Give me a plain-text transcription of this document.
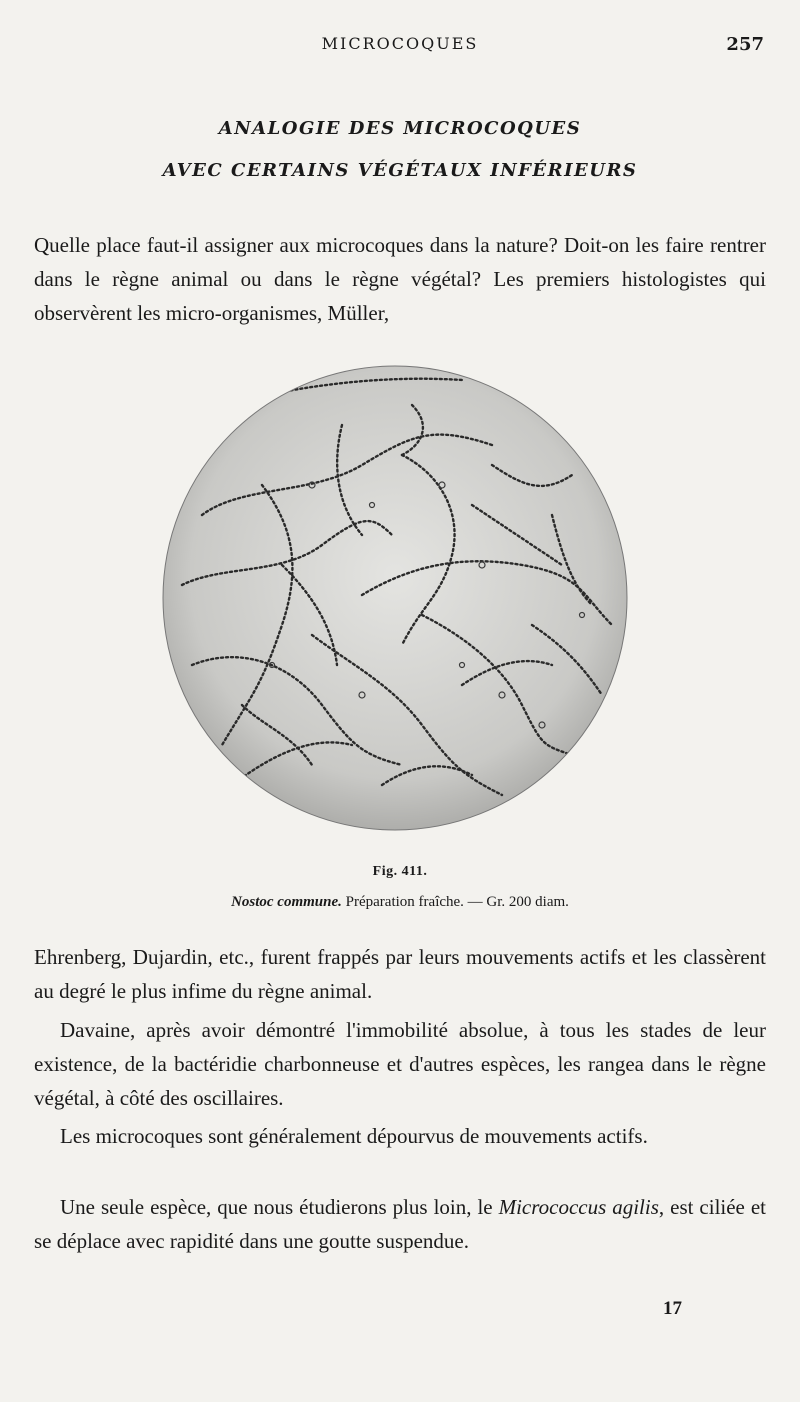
MICROCOQUES	257
ANALOGIE DES MICROCOQUES
AVEC CERTAINS VÉGÉTAUX INFÉRIEURS
Quelle place faut-il assigner aux microcoques dans la nature? Doit-on les faire rentrer dans le règne animal ou dans le règne végétal? Les premiers histologistes qui observèrent les micro-organismes, Müller,
Fig. 411.
Nostoc commune. Préparation fraîche. — Gr. 200 diam.
Ehrenberg, Dujardin, etc., furent frappés par leurs mouvements actifs et les classèrent au degré le plus infime du règne animal.
Davaine, après avoir démontré l'immobilité absolue, à tous les stades de leur existence, de la bactéridie charbonneuse et d'autres espèces, les rangea dans le règne végétal, à côté des oscillaires.
Les microcoques sont généralement dépourvus de mouvements actifs.
Une seule espèce, que nous étudierons plus loin, le Micrococcus agilis, est ciliée et se déplace avec rapidité dans une goutte suspendue.
17
